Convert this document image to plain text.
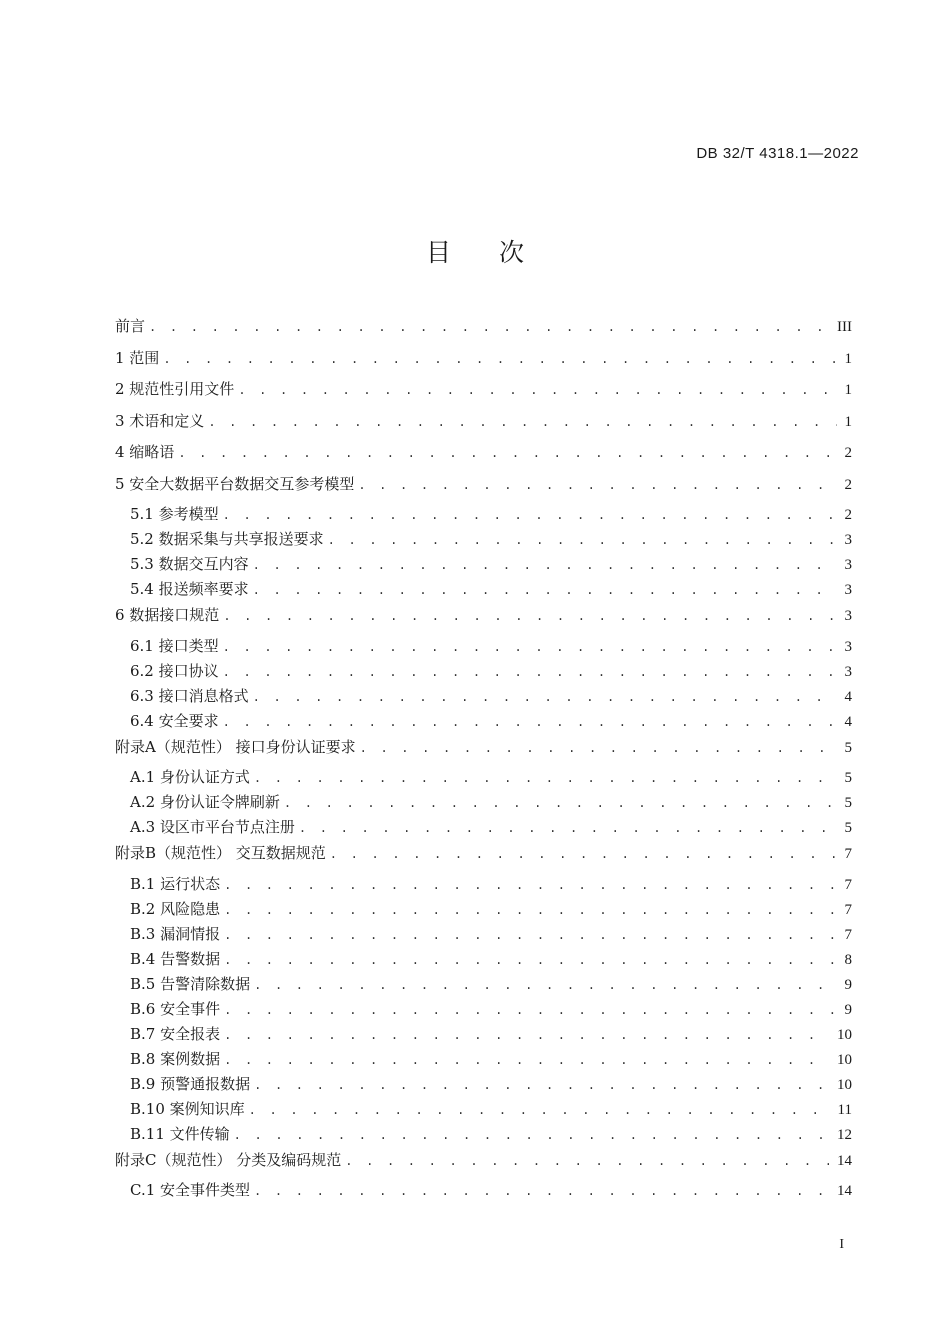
DB 32/T 4318.1—2022
目 次
前言 . . .	III
1 范围 . . .	1
2 规范性引用文件 . . .	1
3 术语和定义 . . .	1
4 缩略语 . . .	2
5 安全大数据平台数据交互参考模型 . . .	2
5.1 参考模型 . . .	2
5.2 数据采集与共享报送要求 . . .	3
5.3 数据交互内容 . . .	3
5.4 报送频率要求 . . .	3
6 数据接口规范 . . .	3
6.1 接口类型 . . .	3
6.2 接口协议 . . .	3
6.3 接口消息格式 . . .	4
6.4 安全要求 . . .	4
附录A（规范性） 接口身份认证要求 . . .	5
A.1 身份认证方式 . . .	5
A.2 身份认证令牌刷新 . . .	5
A.3 设区市平台节点注册 . . .	5
附录B（规范性） 交互数据规范 . . .	7
B.1 运行状态 . . .	7
B.2 风险隐患 . . .	7
B.3 漏洞情报 . . .	7
B.4 告警数据 . . .	8
B.5 告警清除数据 . . .	9
B.6 安全事件 . . .	9
B.7 安全报表 . . .	10
B.8 案例数据 . . .	10
B.9 预警通报数据 . . .	10
B.10 案例知识库 . . .	11
B.11 文件传输 . . .	12
附录C（规范性） 分类及编码规范 . . .	14
C.1 安全事件类型 . . .	14
I
